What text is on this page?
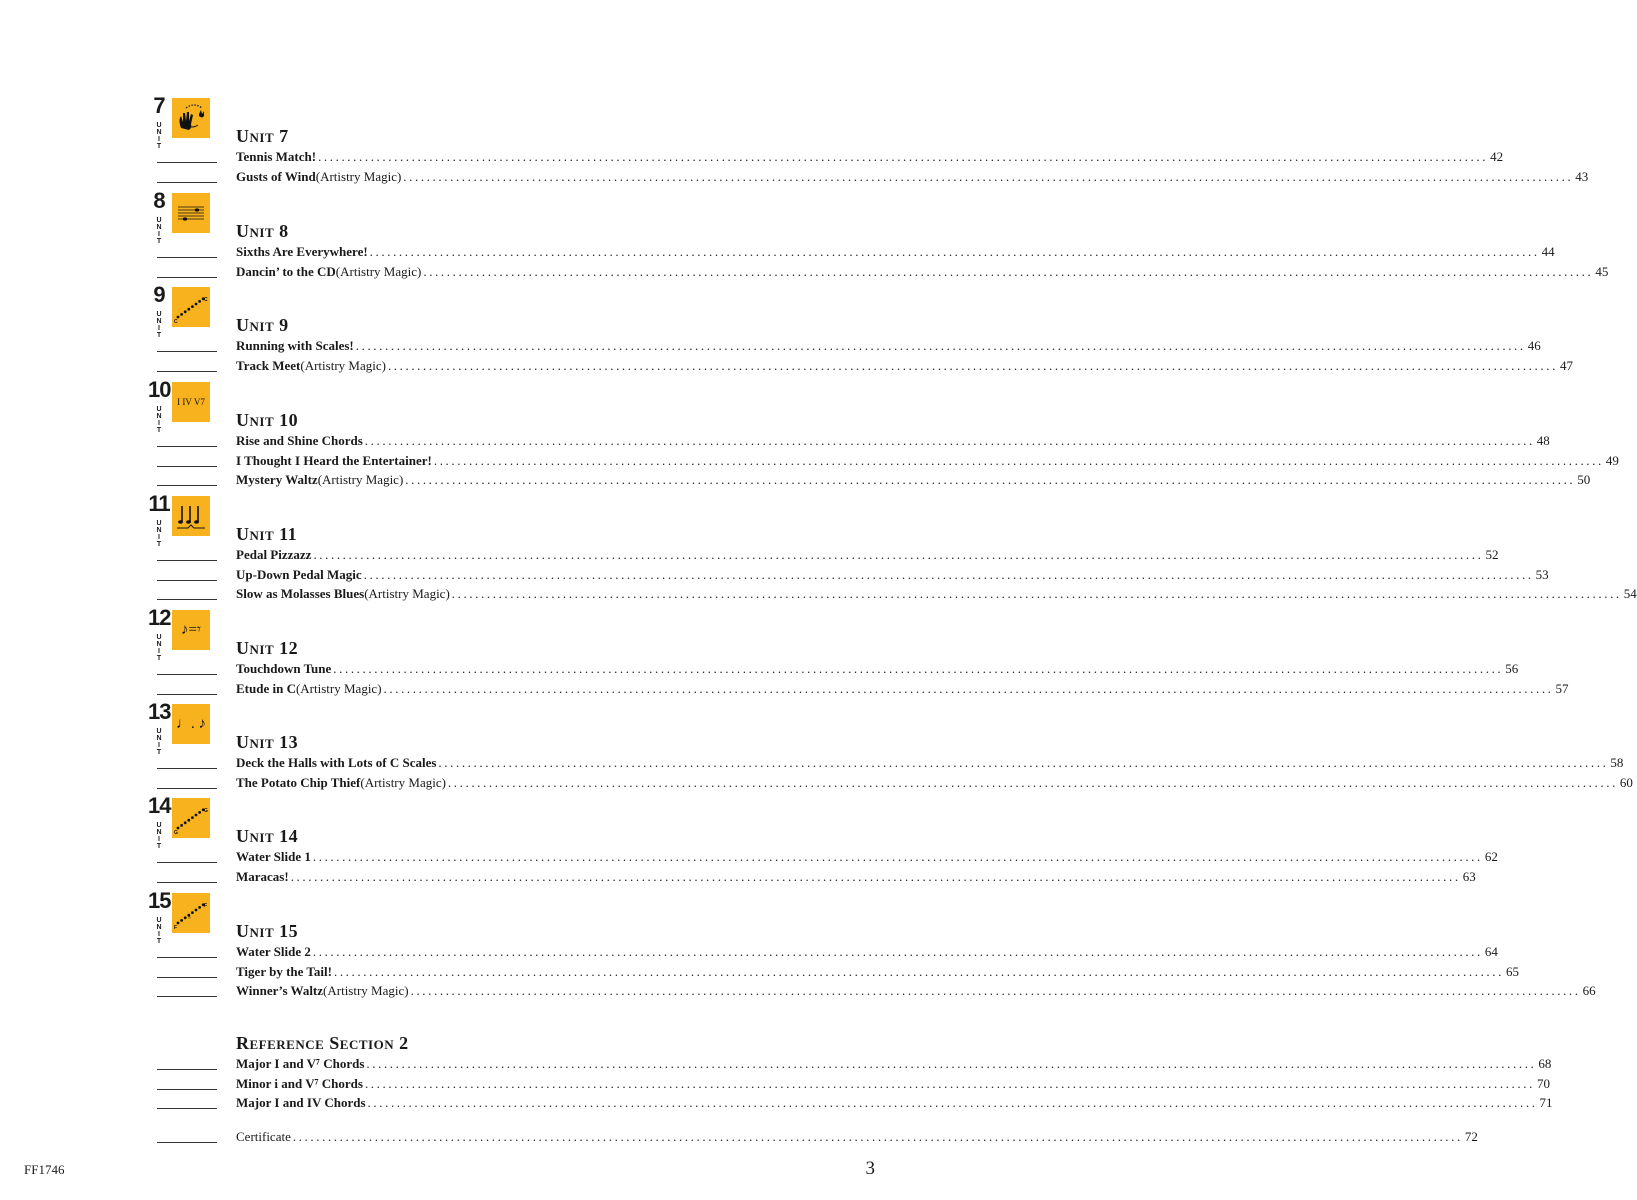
7
U
N
I
T
Unit 7
Tennis Match! ........................................................................................................................................................................................................ 42
Gusts of Wind (Artistry Magic) ........................................................................................................................................................................................................ 43
8
U
N
I
T
Unit 8
Sixths Are Everywhere! ........................................................................................................................................................................................................ 44
Dancin’ to the CD (Artistry Magic) ........................................................................................................................................................................................................ 45
9
U
N
I
T
C
C
Unit 9
Running with Scales! ........................................................................................................................................................................................................ 46
Track Meet (Artistry Magic) ........................................................................................................................................................................................................ 47
10
U
N
I
T
I IV V7
Unit 10
Rise and Shine Chords ........................................................................................................................................................................................................ 48
I Thought I Heard the Entertainer! ........................................................................................................................................................................................................ 49
Mystery Waltz (Artistry Magic) ........................................................................................................................................................................................................ 50
11
U
N
I
T
Unit 11
Pedal Pizzazz ........................................................................................................................................................................................................ 52
Up-Down Pedal Magic ........................................................................................................................................................................................................ 53
Slow as Molasses Blues (Artistry Magic) ........................................................................................................................................................................................................ 54
12
U
N
I
T
♪=𝄾
Unit 12
Touchdown Tune ........................................................................................................................................................................................................ 56
Etude in C (Artistry Magic) ........................................................................................................................................................................................................ 57
13
U
N
I
T
♩. ♪
Unit 13
Deck the Halls with Lots of C Scales ........................................................................................................................................................................................................ 58
The Potato Chip Thief (Artistry Magic) ........................................................................................................................................................................................................ 60
14
U
N
I
T
G
G
Unit 14
Water Slide 1 ........................................................................................................................................................................................................ 62
Maracas! ........................................................................................................................................................................................................ 63
15
U
N
I
T
F
F
♭
Unit 15
Water Slide 2 ........................................................................................................................................................................................................ 64
Tiger by the Tail! ........................................................................................................................................................................................................ 65
Winner’s Waltz (Artistry Magic) ........................................................................................................................................................................................................ 66
Reference Section 2
Major I and V⁷ Chords ........................................................................................................................................................................................................ 68
Minor i and V⁷ Chords ........................................................................................................................................................................................................ 70
Major I and IV Chords ........................................................................................................................................................................................................ 71
Certificate ........................................................................................................................................................................................................ 72
FF1746	3
